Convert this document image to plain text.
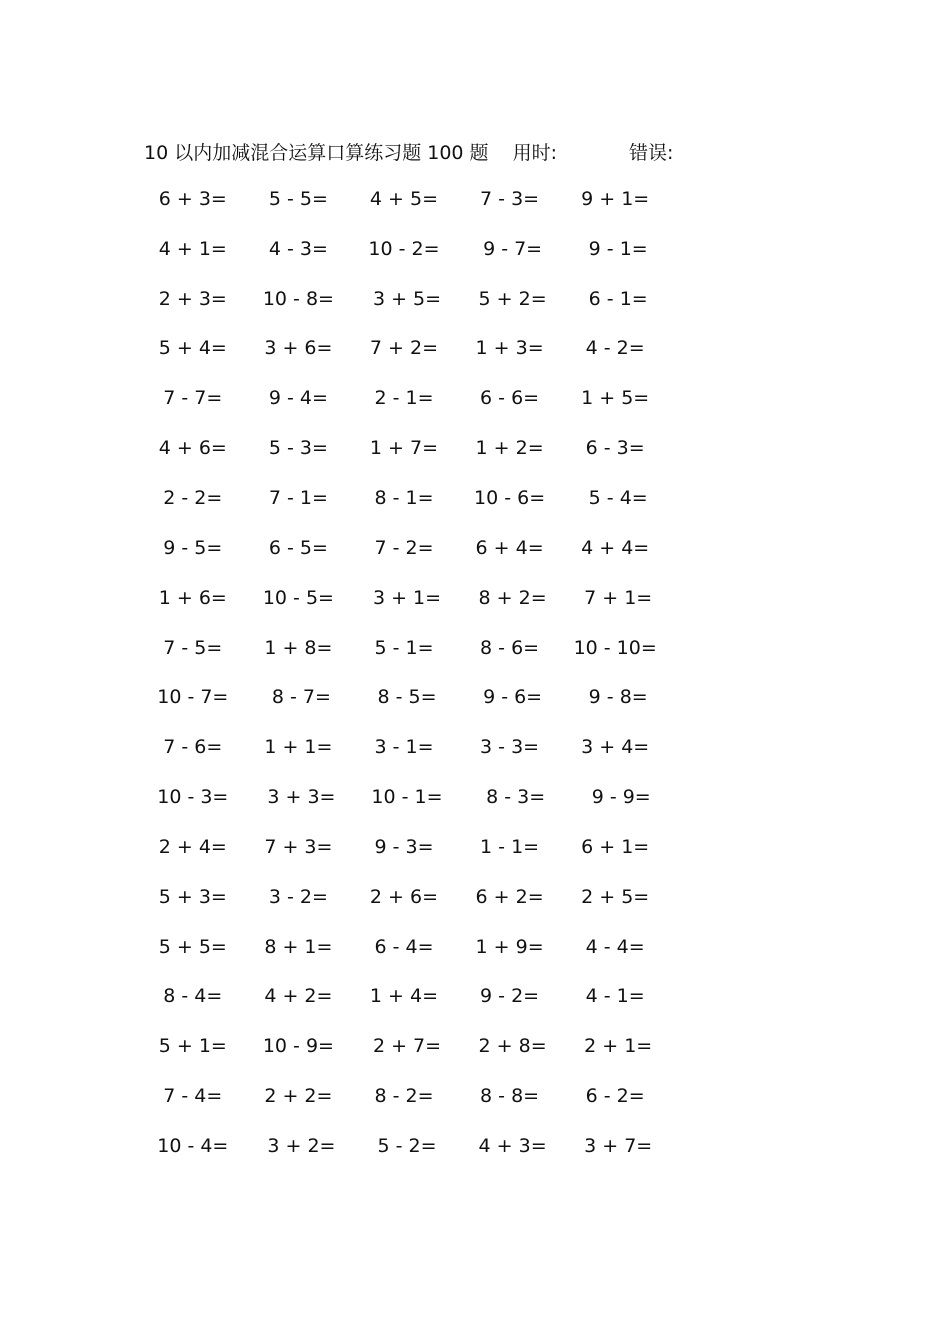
10 以内加减混合运算口算练习题 100 题 用时:	错误:
6 + 3=	5 - 5=	4 + 5=	7 - 3=	9 + 1=
4 + 1=	4 - 3=	10 - 2=	9 - 7=	9 - 1=
2 + 3=	10 - 8=	3 + 5=	5 + 2=	6 - 1=
5 + 4=	3 + 6=	7 + 2=	1 + 3=	4 - 2=
7 - 7=	9 - 4=	2 - 1=	6 - 6=	1 + 5=
4 + 6=	5 - 3=	1 + 7=	1 + 2=	6 - 3=
2 - 2=	7 - 1=	8 - 1=	10 - 6=	5 - 4=
9 - 5=	6 - 5=	7 - 2=	6 + 4=	4 + 4=
1 + 6=	10 - 5=	3 + 1=	8 + 2=	7 + 1=
7 - 5=	1 + 8=	5 - 1=	8 - 6=	10 - 10=
10 - 7=	8 - 7=	8 - 5=	9 - 6=	9 - 8=
7 - 6=	1 + 1=	3 - 1=	3 - 3=	3 + 4=
10 - 3=	3 + 3=	10 - 1=	8 - 3=	9 - 9=
2 + 4=	7 + 3=	9 - 3=	1 - 1=	6 + 1=
5 + 3=	3 - 2=	2 + 6=	6 + 2=	2 + 5=
5 + 5=	8 + 1=	6 - 4=	1 + 9=	4 - 4=
8 - 4=	4 + 2=	1 + 4=	9 - 2=	4 - 1=
5 + 1=	10 - 9=	2 + 7=	2 + 8=	2 + 1=
7 - 4=	2 + 2=	8 - 2=	8 - 8=	6 - 2=
10 - 4=	3 + 2=	5 - 2=	4 + 3=	3 + 7=
